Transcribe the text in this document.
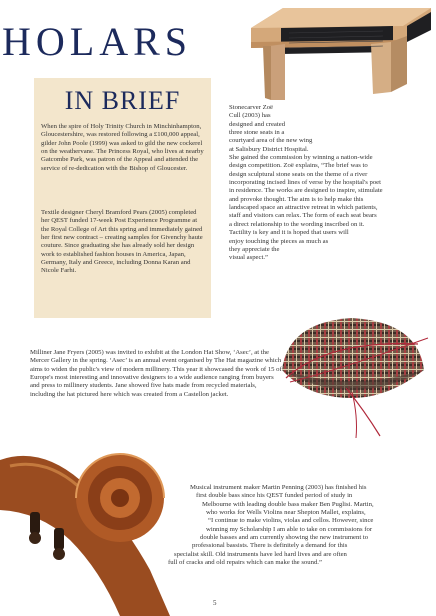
HOLARS
IN BRIEF
When the spire of Holy Trinity Church in Minchinhampton, Gloucestershire, was restored following a £100,000 appeal, gilder John Poole (1999) was asked to gild the new cockerel on the weathervane. The Princess Royal, who lives at nearby Gatcombe Park, was patron of the Appeal and attended the service of re-dedication with the Bishop of Gloucester.
Textile designer Cheryl Bramford Pears (2005) completed her QEST funded 17-week Post Experience Programme at the Royal College of Art this spring and immediately gained her first new contract – creating samples for Givenchy haute couture. Since graduating she has already sold her design work to established fashion houses in America, Japan, Germany, Italy and Greece, including Donna Karan and Nicole Farhi.
Stonecarver Zoë
Cull (2003) has
designed and created
three stone seats in a
courtyard area of the new wing
at Salisbury District Hospital.
She gained the commission by winning a nation-wide
design competition. Zoë explains, “The brief was to
design sculptural stone seats on the theme of a river
incorporating incised lines of verse by the hospital's poet
in residence. The works are designed to inspire, stimulate
and provoke thought. The aim is to help make this
landscaped space an attractive retreat in which patients,
staff and visitors can relax. The form of each seat bears
a direct relationship to the wording inscribed on it.
Tactility is key and it is hoped that users will
enjoy touching the pieces as much as
they appreciate the
visual aspect.”
Milliner Jane Fryers (2005) was invited to exhibit at the London Hat Show, ‘Asec’, at the Mercer Gallery in the spring. ‘Asec’ is an annual event organised by The Hat magazine which aims to widen the public's view of modern millinery. This year it showcased the work of 15 of Europe's most interesting and innovative designers to a wide audience ranging from buyers and press to millinery students. Jane showed five hats made from recycled materials, including the hat pictured here which was created from a Castellon jacket.
Musical instrument maker Martin Penning (2003) has finished his
first double bass since his QEST funded period of study in
Melbourne with leading double bass maker Ben Puglisi. Martin,
who works for Wells Violins near Shepton Mallet, explains,
“I continue to make violins, violas and cellos. However, since
winning my Scholarship I am able to take on commissions for
double basses and am currently showing the new instrument to
professional bassists. There is definitely a demand for this
specialist skill. Old instruments have led hard lives and are often
full of cracks and old repairs which can make the sound.”
5
